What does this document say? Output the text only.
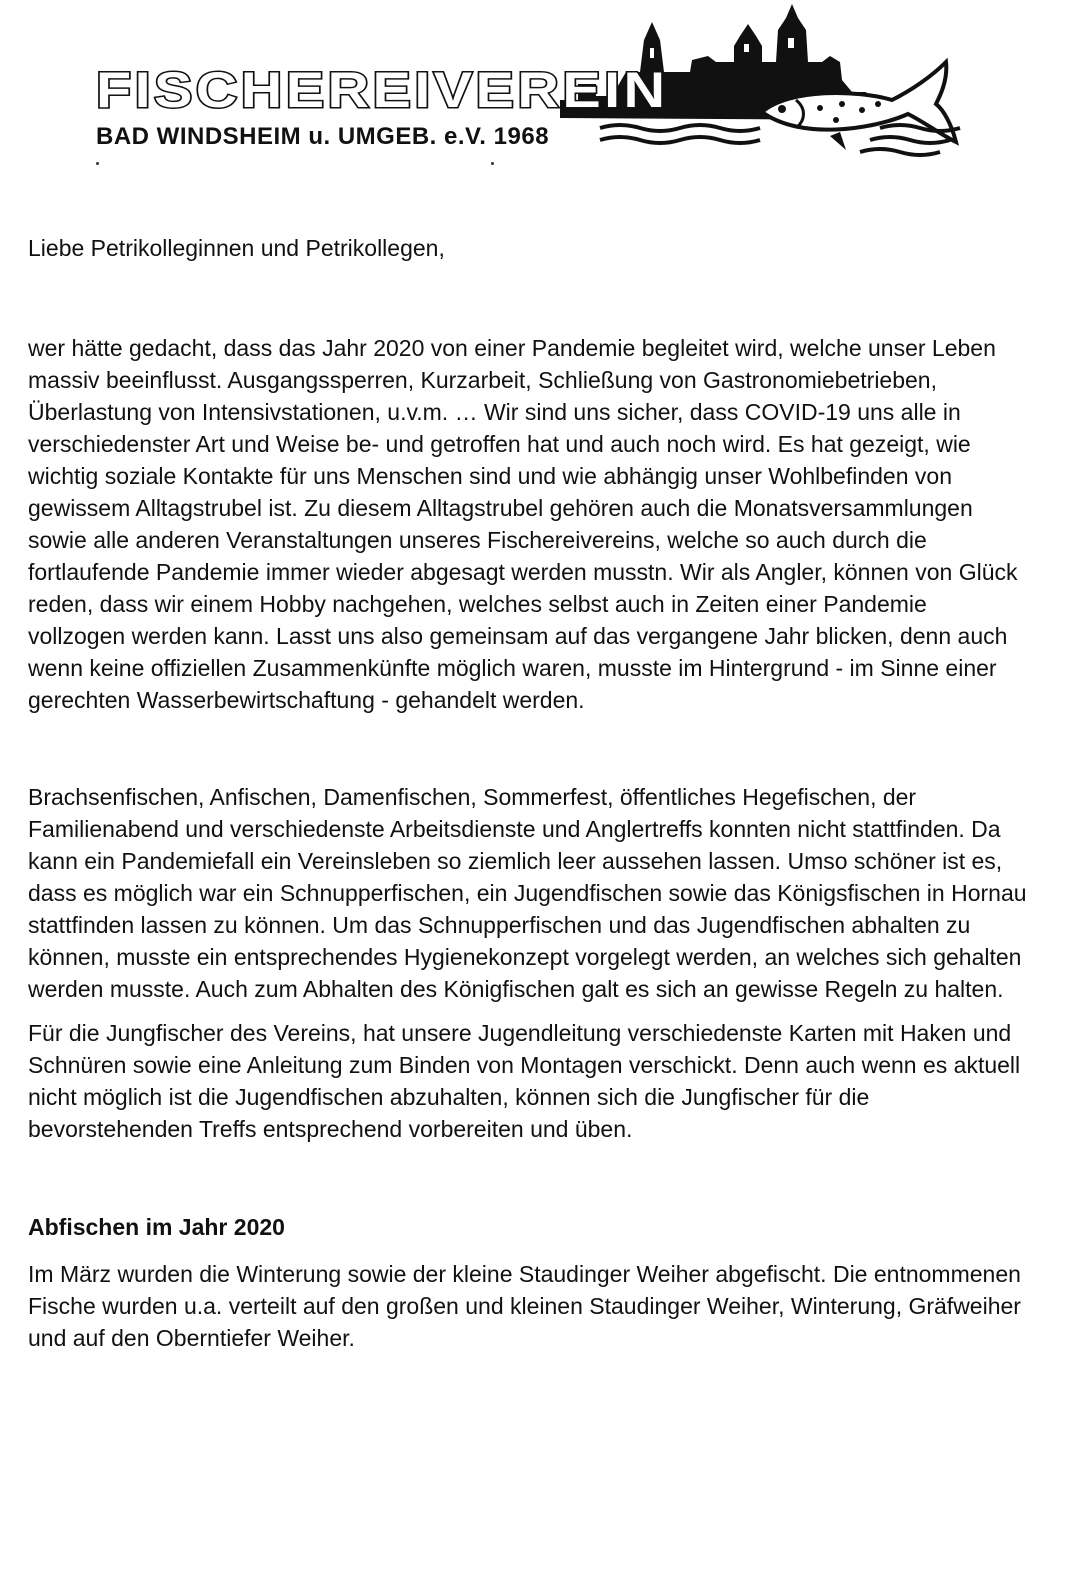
FISCHEREIVEREIN

BAD WINDSHEIM u. UMGEB. e.V. 1968

Liebe Petrikolleginnen und Petrikollegen,

wer hätte gedacht, dass das Jahr 2020 von einer Pandemie begleitet wird, welche unser Leben massiv beeinflusst. Ausgangssperren, Kurzarbeit, Schließung von Gastronomiebetrieben, Überlastung von Intensivstationen, u.v.m. … Wir sind uns sicher, dass COVID-19 uns alle in verschiedenster Art und Weise be- und getroffen hat und auch noch wird. Es hat gezeigt, wie wichtig soziale Kontakte für uns Menschen sind und wie abhängig unser Wohlbefinden von gewissem Alltagstrubel ist. Zu diesem Alltagstrubel gehören auch die Monatsversammlungen sowie alle anderen Veranstaltungen unseres Fischereivereins, welche so auch durch die fortlaufende Pandemie immer wieder abgesagt werden musstn. Wir als Angler, können von Glück reden, dass wir einem Hobby nachgehen, welches selbst auch in Zeiten einer Pandemie vollzogen werden kann. Lasst uns also gemeinsam auf das vergangene Jahr blicken, denn auch wenn keine offiziellen Zusammenkünfte möglich waren, musste im Hintergrund - im Sinne einer gerechten Wasserbewirtschaftung - gehandelt werden.

Brachsenfischen, Anfischen, Damenfischen, Sommerfest, öffentliches Hegefischen, der Familienabend und verschiedenste Arbeitsdienste und Anglertreffs konnten nicht stattfinden. Da kann ein Pandemiefall ein Vereinsleben so ziemlich leer aussehen lassen. Umso schöner ist es, dass es möglich war ein Schnupperfischen, ein Jugendfischen sowie das Königsfischen in Hornau stattfinden lassen zu können. Um das Schnupperfischen und das Jugendfischen abhalten zu können, musste ein entsprechendes Hygienekonzept vorgelegt werden, an welches sich gehalten werden musste. Auch zum Abhalten des Königfischen galt es sich an gewisse Regeln zu halten.

Für die Jungfischer des Vereins, hat unsere Jugendleitung verschiedenste Karten mit Haken und Schnüren sowie eine Anleitung zum Binden von Montagen verschickt. Denn auch wenn es aktuell nicht möglich ist die Jugendfischen abzuhalten, können sich die Jungfischer für die bevorstehenden Treffs entsprechend vorbereiten und üben.

Abfischen im Jahr 2020

Im März wurden die Winterung sowie der kleine Staudinger Weiher abgefischt. Die entnommenen Fische wurden u.a. verteilt auf den großen und kleinen Staudinger Weiher, Winterung, Gräfweiher und auf den Oberntiefer Weiher.
